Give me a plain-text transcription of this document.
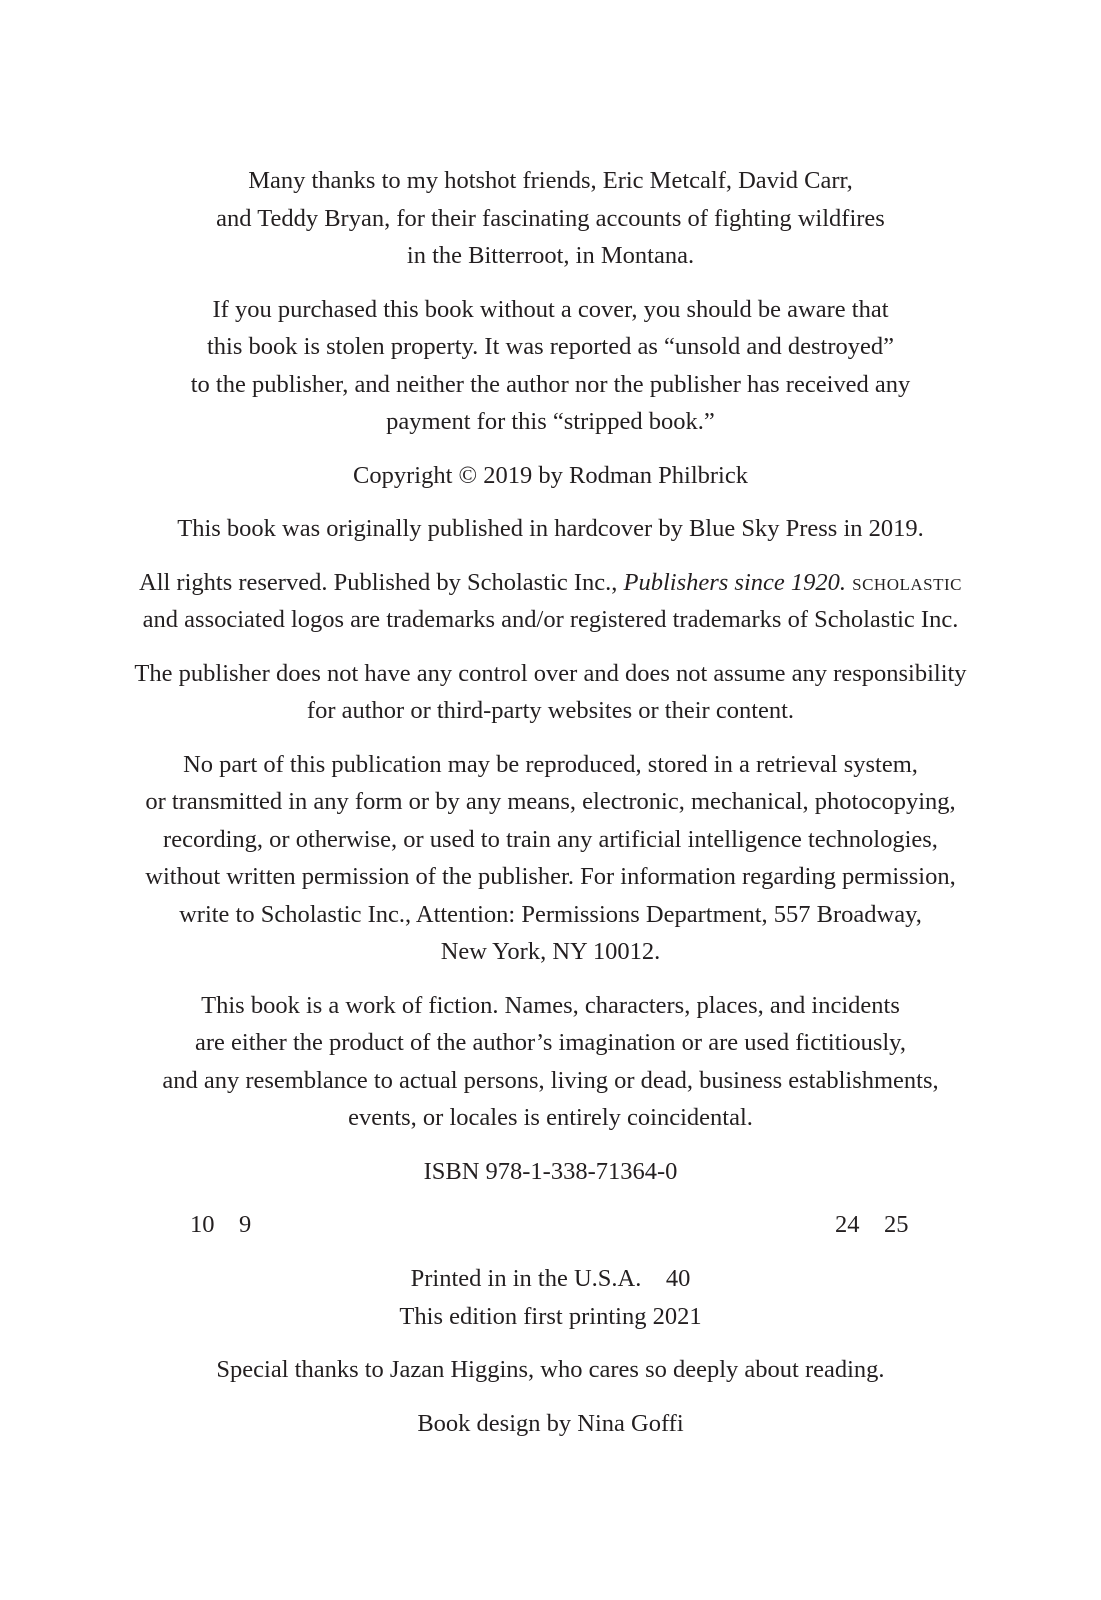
Many thanks to my hotshot friends, Eric Metcalf, David Carr,
and Teddy Bryan, for their fascinating accounts of fighting wildfires
in the Bitterroot, in Montana.
If you purchased this book without a cover, you should be aware that
this book is stolen property. It was reported as “unsold and destroyed”
to the publisher, and neither the author nor the publisher has received any
payment for this “stripped book.”
Copyright © 2019 by Rodman Philbrick
This book was originally published in hardcover by Blue Sky Press in 2019.
All rights reserved. Published by Scholastic Inc., Publishers since 1920. scholastic
and associated logos are trademarks and/or registered trademarks of Scholastic Inc.
The publisher does not have any control over and does not assume any responsibility
for author or third-party websites or their content.
No part of this publication may be reproduced, stored in a retrieval system,
or transmitted in any form or by any means, electronic, mechanical, photocopying,
recording, or otherwise, or used to train any artificial intelligence technologies,
without written permission of the publisher. For information regarding permission,
write to Scholastic Inc., Attention: Permissions Department, 557 Broadway,
New York, NY 10012.
This book is a work of fiction. Names, characters, places, and incidents
are either the product of the author’s imagination or are used fictitiously,
and any resemblance to actual persons, living or dead, business establishments,
events, or locales is entirely coincidental.
ISBN 978-1-338-71364-0
10    9	24    25
Printed in in the U.S.A.    40
This edition first printing 2021
Special thanks to Jazan Higgins, who cares so deeply about reading.
Book design by Nina Goffi
